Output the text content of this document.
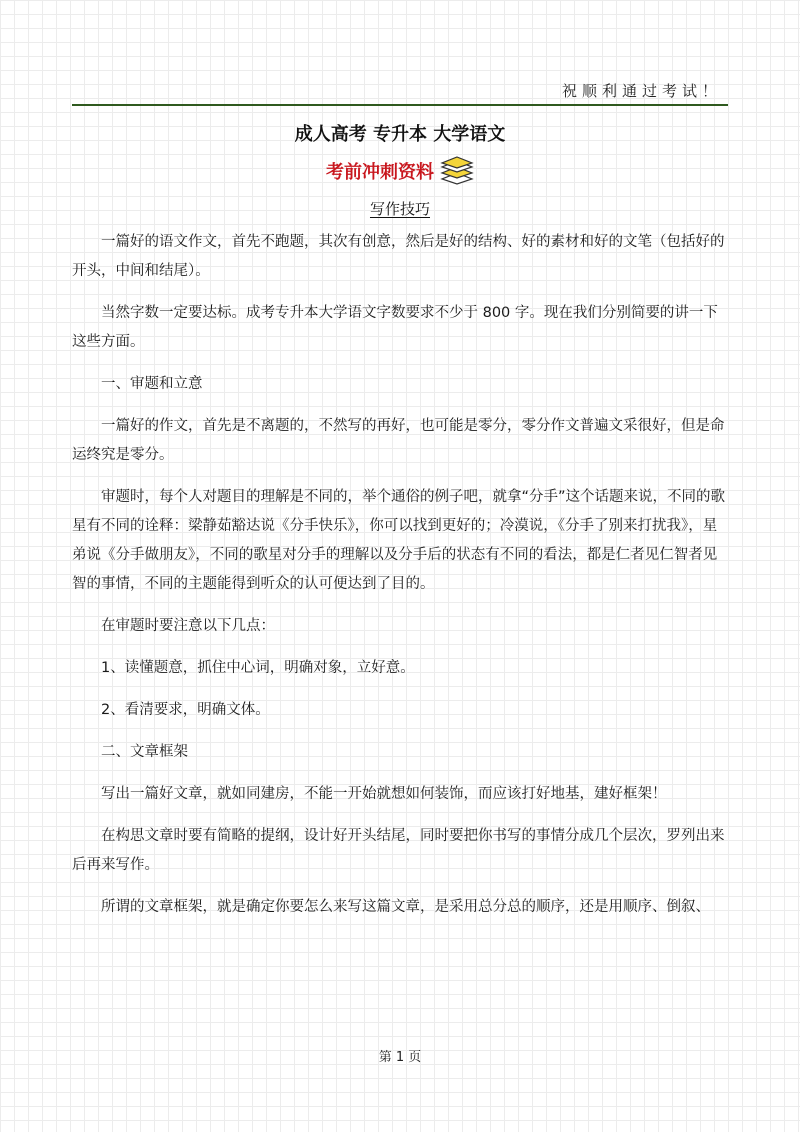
祝顺利通过考试！
成人高考 专升本 大学语文
考前冲刺资料
写作技巧

一篇好的语文作文，首先不跑题，其次有创意，然后是好的结构、好的素材和好的文笔（包括好的开头，中间和结尾）。

当然字数一定要达标。成考专升本大学语文字数要求不少于 800 字。现在我们分别简要的讲一下这些方面。

一、审题和立意

一篇好的作文，首先是不离题的，不然写的再好，也可能是零分，零分作文普遍文采很好，但是命运终究是零分。

审题时，每个人对题目的理解是不同的，举个通俗的例子吧，就拿“分手”这个话题来说，不同的歌星有不同的诠释：梁静茹豁达说《分手快乐》，你可以找到更好的；冷漠说，《分手了别来打扰我》，星弟说《分手做朋友》，不同的歌星对分手的理解以及分手后的状态有不同的看法，都是仁者见仁智者见智的事情，不同的主题能得到听众的认可便达到了目的。

在审题时要注意以下几点：

1、读懂题意，抓住中心词，明确对象，立好意。

2、看清要求，明确文体。

二、文章框架

写出一篇好文章，就如同建房，不能一开始就想如何装饰，而应该打好地基，建好框架！

在构思文章时要有简略的提纲，设计好开头结尾，同时要把你书写的事情分成几个层次，罗列出来后再来写作。

所谓的文章框架，就是确定你要怎么来写这篇文章，是采用总分总的顺序，还是用顺序、倒叙、

第 1 页
